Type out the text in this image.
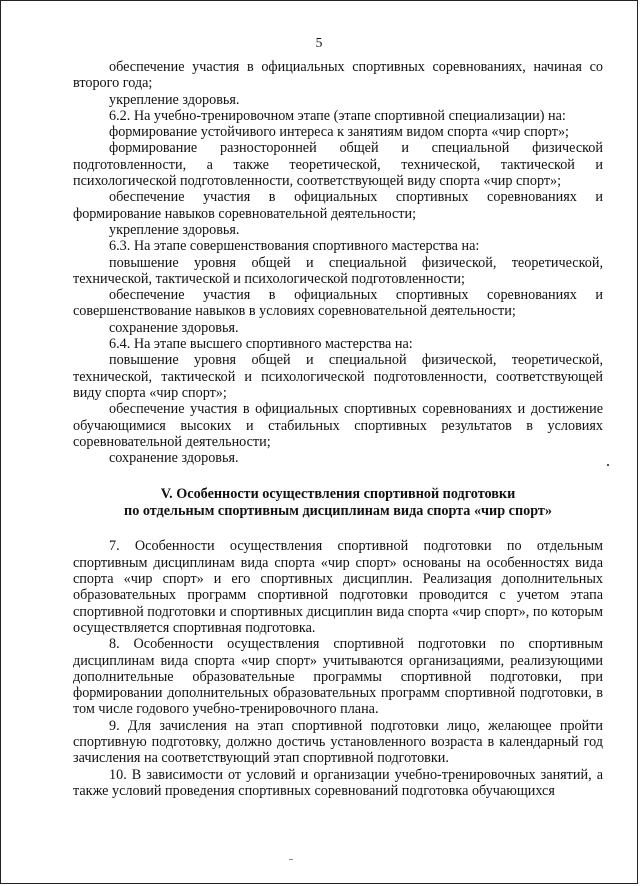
5

обеспечение участия в официальных спортивных соревнованиях, начиная со второго года;

укрепление здоровья.

6.2. На учебно-тренировочном этапе (этапе спортивной специализации) на:

формирование устойчивого интереса к занятиям видом спорта «чир спорт»;

формирование разносторонней общей и специальной физической подготовленности, а также теоретической, технической, тактической и психологической подготовленности, соответствующей виду спорта «чир спорт»;

обеспечение участия в официальных спортивных соревнованиях и формирование навыков соревновательной деятельности;

укрепление здоровья.

6.3. На этапе совершенствования спортивного мастерства на:

повышение уровня общей и специальной физической, теоретической, технической, тактической и психологической подготовленности;

обеспечение участия в официальных спортивных соревнованиях и совершенствование навыков в условиях соревновательной деятельности;

сохранение здоровья.

6.4. На этапе высшего спортивного мастерства на:

повышение уровня общей и специальной физической, теоретической, технической, тактической и психологической подготовленности, соответствующей виду спорта «чир спорт»;

обеспечение участия в официальных спортивных соревнованиях и достижение обучающимися высоких и стабильных спортивных результатов в условиях соревновательной деятельности;

сохранение здоровья.

V. Особенности осуществления спортивной подготовки
по отдельным спортивным дисциплинам вида спорта «чир спорт»

7. Особенности осуществления спортивной подготовки по отдельным спортивным дисциплинам вида спорта «чир спорт» основаны на особенностях вида спорта «чир спорт» и его спортивных дисциплин. Реализация дополнительных образовательных программ спортивной подготовки проводится с учетом этапа спортивной подготовки и спортивных дисциплин вида спорта «чир спорт», по которым осуществляется спортивная подготовка.

8. Особенности осуществления спортивной подготовки по спортивным дисциплинам вида спорта «чир спорт» учитываются организациями, реализующими дополнительные образовательные программы спортивной подготовки, при формировании дополнительных образовательных программ спортивной подготовки, в том числе годового учебно-тренировочного плана.

9. Для зачисления на этап спортивной подготовки лицо, желающее пройти спортивную подготовку, должно достичь установленного возраста в календарный год зачисления на соответствующий этап спортивной подготовки.

10. В зависимости от условий и организации учебно-тренировочных занятий, а также условий проведения спортивных соревнований подготовка обучающихся
